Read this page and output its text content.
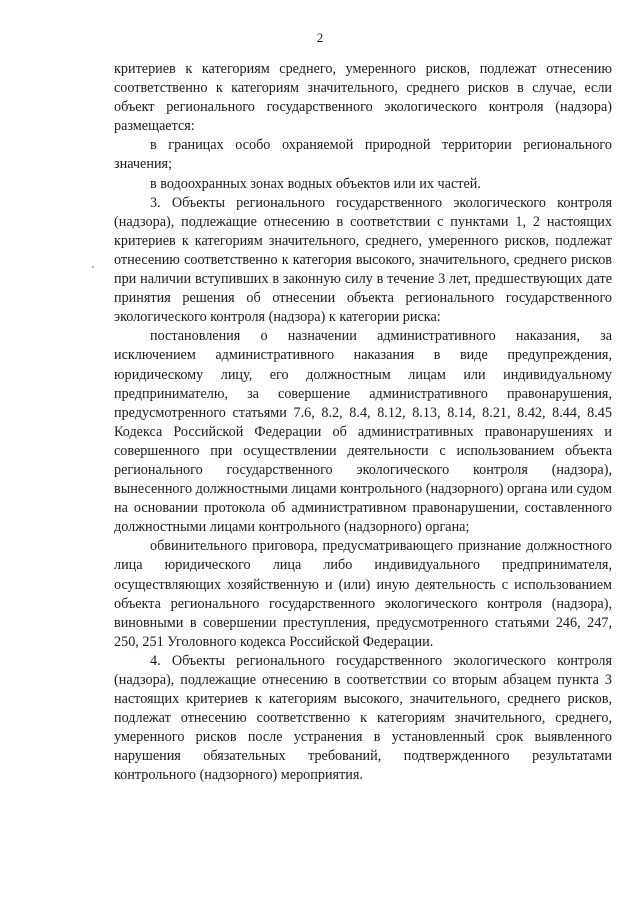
2

критериев к категориям среднего, умеренного рисков, подлежат отнесению соответственно к категориям значительного, среднего рисков в случае, если объект регионального государственного экологического контроля (надзора) размещается:

в границах особо охраняемой природной территории регионального значения;

в водоохранных зонах водных объектов или их частей.

3. Объекты регионального государственного экологического контроля (надзора), подлежащие отнесению в соответствии с пунктами 1, 2 настоящих критериев к категориям значительного, среднего, умеренного рисков, подлежат отнесению соответственно к категория высокого, значительного, среднего рисков при наличии вступивших в законную силу в течение 3 лет, предшествующих дате принятия решения об отнесении объекта регионального государственного экологического контроля (надзора) к категории риска:

постановления о назначении административного наказания, за исключением административного наказания в виде предупреждения, юридическому лицу, его должностным лицам или индивидуальному предпринимателю, за совершение административного правонарушения, предусмотренного статьями 7.6, 8.2, 8.4, 8.12, 8.13, 8.14, 8.21, 8.42, 8.44, 8.45 Кодекса Российской Федерации об административных правонарушениях и совершенного при осуществлении деятельности с использованием объекта регионального государственного экологического контроля (надзора), вынесенного должностными лицами контрольного (надзорного) органа или судом на основании протокола об административном правонарушении, составленного должностными лицами контрольного (надзорного) органа;

обвинительного приговора, предусматривающего признание должностного лица юридического лица либо индивидуального предпринимателя, осуществляющих хозяйственную и (или) иную деятельность с использованием объекта регионального государственного экологического контроля (надзора), виновными в совершении преступления, предусмотренного статьями 246, 247, 250, 251 Уголовного кодекса Российской Федерации.

4. Объекты регионального государственного экологического контроля (надзора), подлежащие отнесению в соответствии со вторым абзацем пункта 3 настоящих критериев к категориям высокого, значительного, среднего рисков, подлежат отнесению соответственно к категориям значительного, среднего, умеренного рисков после устранения в установленный срок выявленного нарушения обязательных требований, подтвержденного результатами контрольного (надзорного) мероприятия.
